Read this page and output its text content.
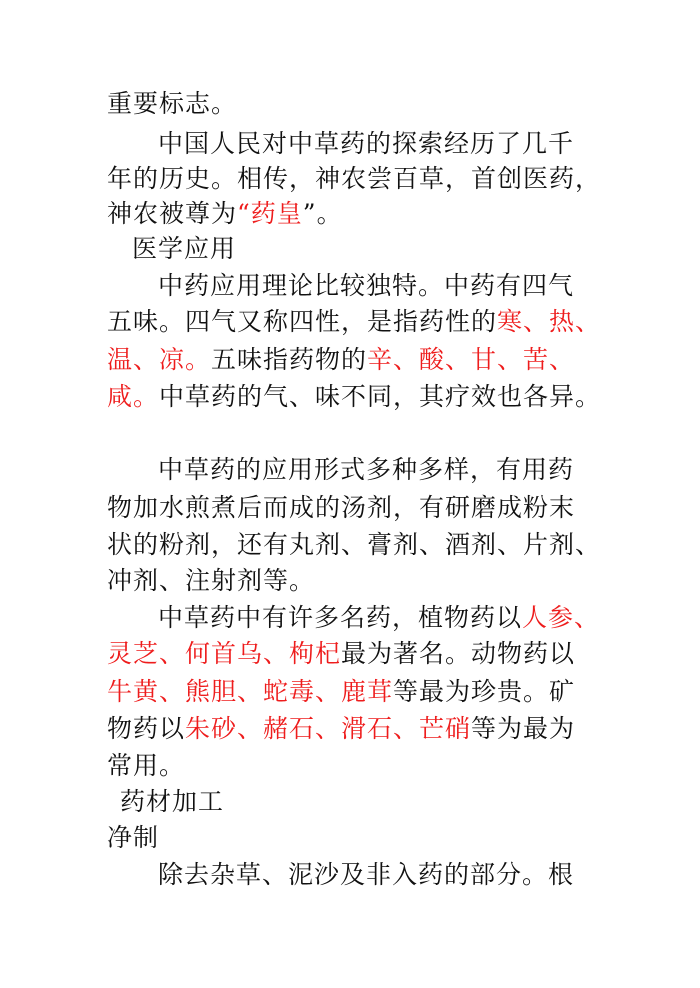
重要标志。
中国人民对中草药的探索经历了几千
年的历史。相传，神农尝百草，首创医药，
神农被尊为“药皇”。
医学应用
中药应用理论比较独特。中药有四气
五味。四气又称四性，是指药性的寒、热、
温、凉。五味指药物的辛、酸、甘、苦、
咸。中草药的气、味不同，其疗效也各异。
中草药的应用形式多种多样，有用药
物加水煎煮后而成的汤剂，有研磨成粉末
状的粉剂，还有丸剂、膏剂、酒剂、片剂、
冲剂、注射剂等。
中草药中有许多名药，植物药以人参、
灵芝、何首乌、枸杞最为著名。动物药以
牛黄、熊胆、蛇毒、鹿茸等最为珍贵。矿
物药以朱砂、赭石、滑石、芒硝等为最为
常用。
药材加工
净制
除去杂草、泥沙及非入药的部分。根
